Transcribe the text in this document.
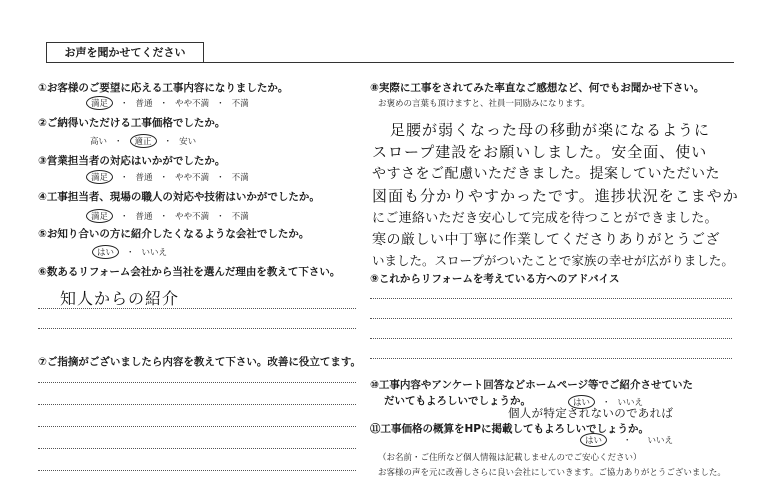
お声を聞かせてください
①お客様のご要望に応える工事内容になりましたか。
満足 ・ 普通 ・ やや不満 ・ 不満
②ご納得いただける工事価格でしたか。
高い ・ 適正 ・ 安い
③営業担当者の対応はいかがでしたか。
満足 ・ 普通 ・ やや不満 ・ 不満
④工事担当者、現場の職人の対応や技術はいかがでしたか。
満足 ・ 普通 ・ やや不満 ・ 不満
⑤お知り合いの方に紹介したくなるような会社でしたか。
はい ・ いいえ
⑥数あるリフォーム会社から当社を選んだ理由を教えて下さい。
知人からの紹介
⑦ご指摘がございましたら内容を教えて下さい。改善に役立てます。
⑧実際に工事をされてみた率直なご感想など、何でもお聞かせ下さい。
お褒めの言葉も頂けますと、社員一同励みになります。
足腰が弱くなった母の移動が楽になるように
スロープ建設をお願いしました。安全面、使い
やすさをご配慮いただきました。提案していただいた
図面も分かりやすかったです。進捗状況をこまやか
にご連絡いただき安心して完成を待つことができました。
寒の厳しい中丁寧に作業してくださりありがとうござ
いました。スロープがついたことで家族の幸せが広がりました。
⑨これからリフォームを考えている方へのアドバイス
⑩工事内容やアンケート回答などホームページ等でご紹介させていた
だいてもよろしいでしょうか。	はい ・ いいえ
個人が特定されないのであれば
⑪工事価格の概算をHPに掲載してもよろしいでしょうか。
はい ・ いいえ
（お名前・ご住所など個人情報は記載しませんのでご安心ください）
お客様の声を元に改善しさらに良い会社にしていきます。ご協力ありがとうございました。
